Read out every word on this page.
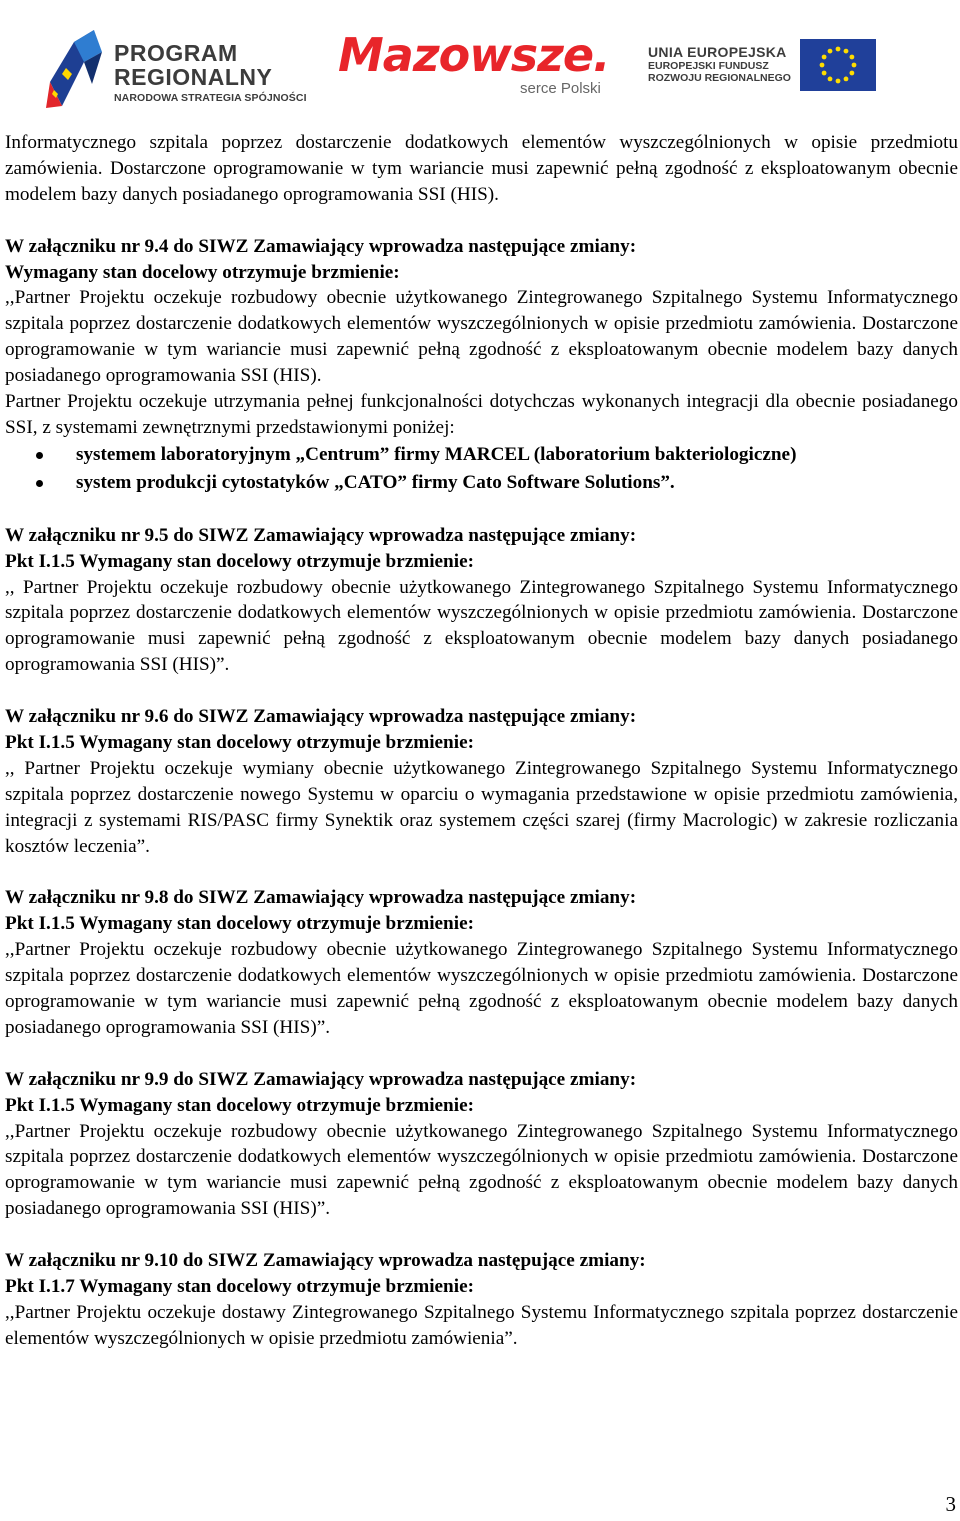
PROGRAM
REGIONALNY
NARODOWA STRATEGIA SPÓJNOŚCI
Mazowsze.
serce Polski
UNIA EUROPEJSKA
EUROPEJSKI FUNDUSZ
ROZWOJU REGIONALNEGO

Informatycznego szpitala poprzez dostarczenie dodatkowych elementów wyszczególnionych w opisie przedmiotu zamówienia. Dostarczone oprogramowanie w tym wariancie musi zapewnić pełną zgodność z eksploatowanym obecnie modelem bazy danych posiadanego oprogramowania SSI (HIS).

W załączniku nr 9.4 do SIWZ Zamawiający wprowadza następujące zmiany:

Wymagany stan docelowy otrzymuje brzmienie:

,,Partner Projektu oczekuje rozbudowy obecnie użytkowanego Zintegrowanego Szpitalnego Systemu Informatycznego szpitala poprzez dostarczenie dodatkowych elementów wyszczególnionych w opisie przedmiotu zamówienia. Dostarczone oprogramowanie w tym wariancie musi zapewnić pełną zgodność z eksploatowanym obecnie modelem bazy danych posiadanego oprogramowania SSI (HIS).

Partner Projektu oczekuje utrzymania pełnej funkcjonalności dotychczas wykonanych integracji dla obecnie posiadanego SSI, z systemami zewnętrznymi przedstawionymi poniżej:

systemem laboratoryjnym „Centrum” firmy MARCEL (laboratorium bakteriologiczne)
system produkcji cytostatyków „CATO” firmy Cato Software Solutions”.

W załączniku nr 9.5 do SIWZ Zamawiający wprowadza następujące zmiany:

Pkt I.1.5 Wymagany stan docelowy otrzymuje brzmienie:

,, Partner Projektu oczekuje rozbudowy obecnie użytkowanego Zintegrowanego Szpitalnego Systemu Informatycznego szpitala poprzez dostarczenie dodatkowych elementów wyszczególnionych w opisie przedmiotu zamówienia. Dostarczone oprogramowanie musi zapewnić pełną zgodność z eksploatowanym obecnie modelem bazy danych posiadanego oprogramowania SSI (HIS)”.

W załączniku nr 9.6 do SIWZ Zamawiający wprowadza następujące zmiany:

Pkt I.1.5 Wymagany stan docelowy otrzymuje brzmienie:

,, Partner Projektu oczekuje wymiany obecnie użytkowanego Zintegrowanego Szpitalnego Systemu Informatycznego szpitala poprzez dostarczenie nowego Systemu w oparciu o wymagania przedstawione w opisie przedmiotu zamówienia, integracji z systemami RIS/PASC firmy Synektik oraz systemem części szarej (firmy Macrologic) w zakresie rozliczania kosztów leczenia”.

W załączniku nr 9.8 do SIWZ Zamawiający wprowadza następujące zmiany:

Pkt I.1.5 Wymagany stan docelowy otrzymuje brzmienie:

,,Partner Projektu oczekuje rozbudowy obecnie użytkowanego Zintegrowanego Szpitalnego Systemu Informatycznego szpitala poprzez dostarczenie dodatkowych elementów wyszczególnionych w opisie przedmiotu zamówienia. Dostarczone oprogramowanie w tym wariancie musi zapewnić pełną zgodność z eksploatowanym obecnie modelem bazy danych posiadanego oprogramowania SSI (HIS)”.

W załączniku nr 9.9 do SIWZ Zamawiający wprowadza następujące zmiany:

Pkt I.1.5 Wymagany stan docelowy otrzymuje brzmienie:

,,Partner Projektu oczekuje rozbudowy obecnie użytkowanego Zintegrowanego Szpitalnego Systemu Informatycznego szpitala poprzez dostarczenie dodatkowych elementów wyszczególnionych w opisie przedmiotu zamówienia. Dostarczone oprogramowanie w tym wariancie musi zapewnić pełną zgodność z eksploatowanym obecnie modelem bazy danych posiadanego oprogramowania SSI (HIS)”.

W załączniku nr 9.10 do SIWZ Zamawiający wprowadza następujące zmiany:

Pkt I.1.7 Wymagany stan docelowy otrzymuje brzmienie:

,,Partner Projektu oczekuje dostawy Zintegrowanego Szpitalnego Systemu Informatycznego szpitala poprzez dostarczenie elementów wyszczególnionych w opisie przedmiotu zamówienia”.

3
